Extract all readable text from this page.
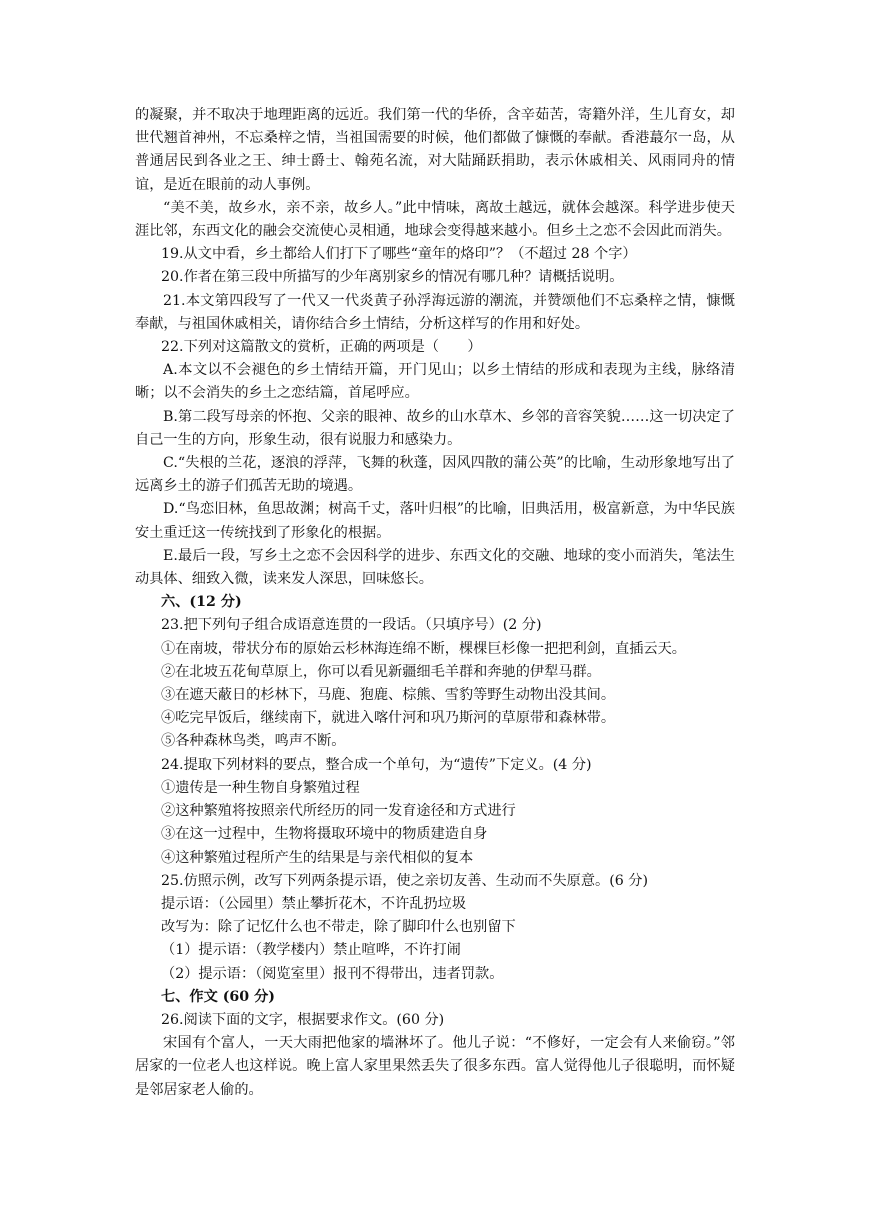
的凝聚，并不取决于地理距离的远近。我们第一代的华侨，含辛茹苦，寄籍外洋，生儿育女，却世代翘首神州，不忘桑梓之情，当祖国需要的时候，他们都做了慷慨的奉献。香港蕞尔一岛，从普通居民到各业之王、绅士爵士、翰苑名流，对大陆踊跃捐助，表示休戚相关、风雨同舟的情谊，是近在眼前的动人事例。

“美不美，故乡水，亲不亲，故乡人。”此中情味，离故土越远，就体会越深。科学进步使天涯比邻，东西文化的融会交流使心灵相通，地球会变得越来越小。但乡土之恋不会因此而消失。

19.从文中看，乡土都给人们打下了哪些“童年的烙印”？（不超过 28 个字）

20.作者在第三段中所描写的少年离别家乡的情况有哪几种？请概括说明。

21.本文第四段写了一代又一代炎黄子孙浮海远游的潮流，并赞颂他们不忘桑梓之情，慷慨奉献，与祖国休戚相关，请你结合乡土情结，分析这样写的作用和好处。

22.下列对这篇散文的赏析，正确的两项是（　　）

A.本文以不会褪色的乡土情结开篇，开门见山；以乡土情结的形成和表现为主线，脉络清晰；以不会消失的乡土之恋结篇，首尾呼应。

B.第二段写母亲的怀抱、父亲的眼神、故乡的山水草木、乡邻的音容笑貌……这一切决定了自己一生的方向，形象生动，很有说服力和感染力。

C.“失根的兰花，逐浪的浮萍，飞舞的秋蓬，因风四散的蒲公英”的比喻，生动形象地写出了远离乡土的游子们孤苦无助的境遇。

D.“鸟恋旧林，鱼思故渊；树高千丈，落叶归根”的比喻，旧典活用，极富新意，为中华民族安土重迁这一传统找到了形象化的根据。

E.最后一段，写乡土之恋不会因科学的进步、东西文化的交融、地球的变小而消失，笔法生动具体、细致入微，读来发人深思，回味悠长。

六、(12 分)

23.把下列句子组合成语意连贯的一段话。（只填序号）(2 分)

①在南坡，带状分布的原始云杉林海连绵不断，棵棵巨杉像一把把利剑，直插云天。

②在北坡五花甸草原上，你可以看见新疆细毛羊群和奔驰的伊犁马群。

③在遮天蔽日的杉林下，马鹿、狍鹿、棕熊、雪豹等野生动物出没其间。

④吃完早饭后，继续南下，就进入喀什河和巩乃斯河的草原带和森林带。

⑤各种森林鸟类，鸣声不断。

24.提取下列材料的要点，整合成一个单句，为“遗传”下定义。(4 分)

①遗传是一种生物自身繁殖过程

②这种繁殖将按照亲代所经历的同一发育途径和方式进行

③在这一过程中，生物将摄取环境中的物质建造自身

④这种繁殖过程所产生的结果是与亲代相似的复本

25.仿照示例，改写下列两条提示语，使之亲切友善、生动而不失原意。(6 分)

提示语：（公园里）禁止攀折花木，不许乱扔垃圾

改写为：除了记忆什么也不带走，除了脚印什么也别留下

（1）提示语：（教学楼内）禁止喧哗，不许打闹

（2）提示语：（阅览室里）报刊不得带出，违者罚款。

七、作文 (60 分)

26.阅读下面的文字，根据要求作文。(60 分)

宋国有个富人，一天大雨把他家的墙淋坏了。他儿子说：“不修好，一定会有人来偷窃。”邻居家的一位老人也这样说。晚上富人家里果然丢失了很多东西。富人觉得他儿子很聪明，而怀疑是邻居家老人偷的。
